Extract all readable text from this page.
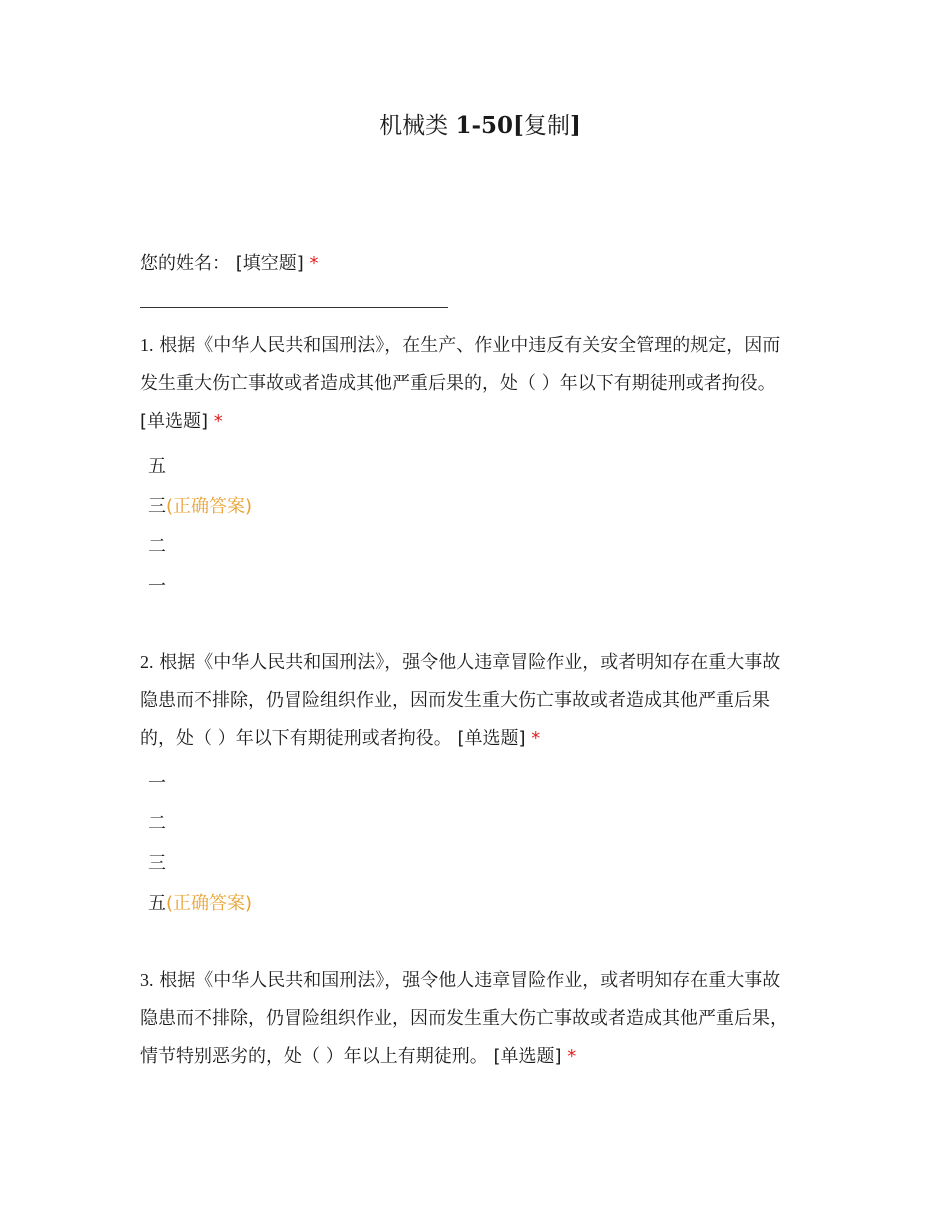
机械类 1-50[复制]
您的姓名： [填空题] *
1. 根据《中华人民共和国刑法》，在生产、作业中违反有关安全管理的规定，因而
发生重大伤亡事故或者造成其他严重后果的，处（ ）年以下有期徒刑或者拘役。
[单选题] *
五
三(正确答案)
二
一
2. 根据《中华人民共和国刑法》，强令他人违章冒险作业，或者明知存在重大事故
隐患而不排除，仍冒险组织作业，因而发生重大伤亡事故或者造成其他严重后果
的，处（ ）年以下有期徒刑或者拘役。 [单选题] *
一
二
三
五(正确答案)
3. 根据《中华人民共和国刑法》，强令他人违章冒险作业，或者明知存在重大事故
隐患而不排除，仍冒险组织作业，因而发生重大伤亡事故或者造成其他严重后果，
情节特别恶劣的，处（ ）年以上有期徒刑。 [单选题] *
